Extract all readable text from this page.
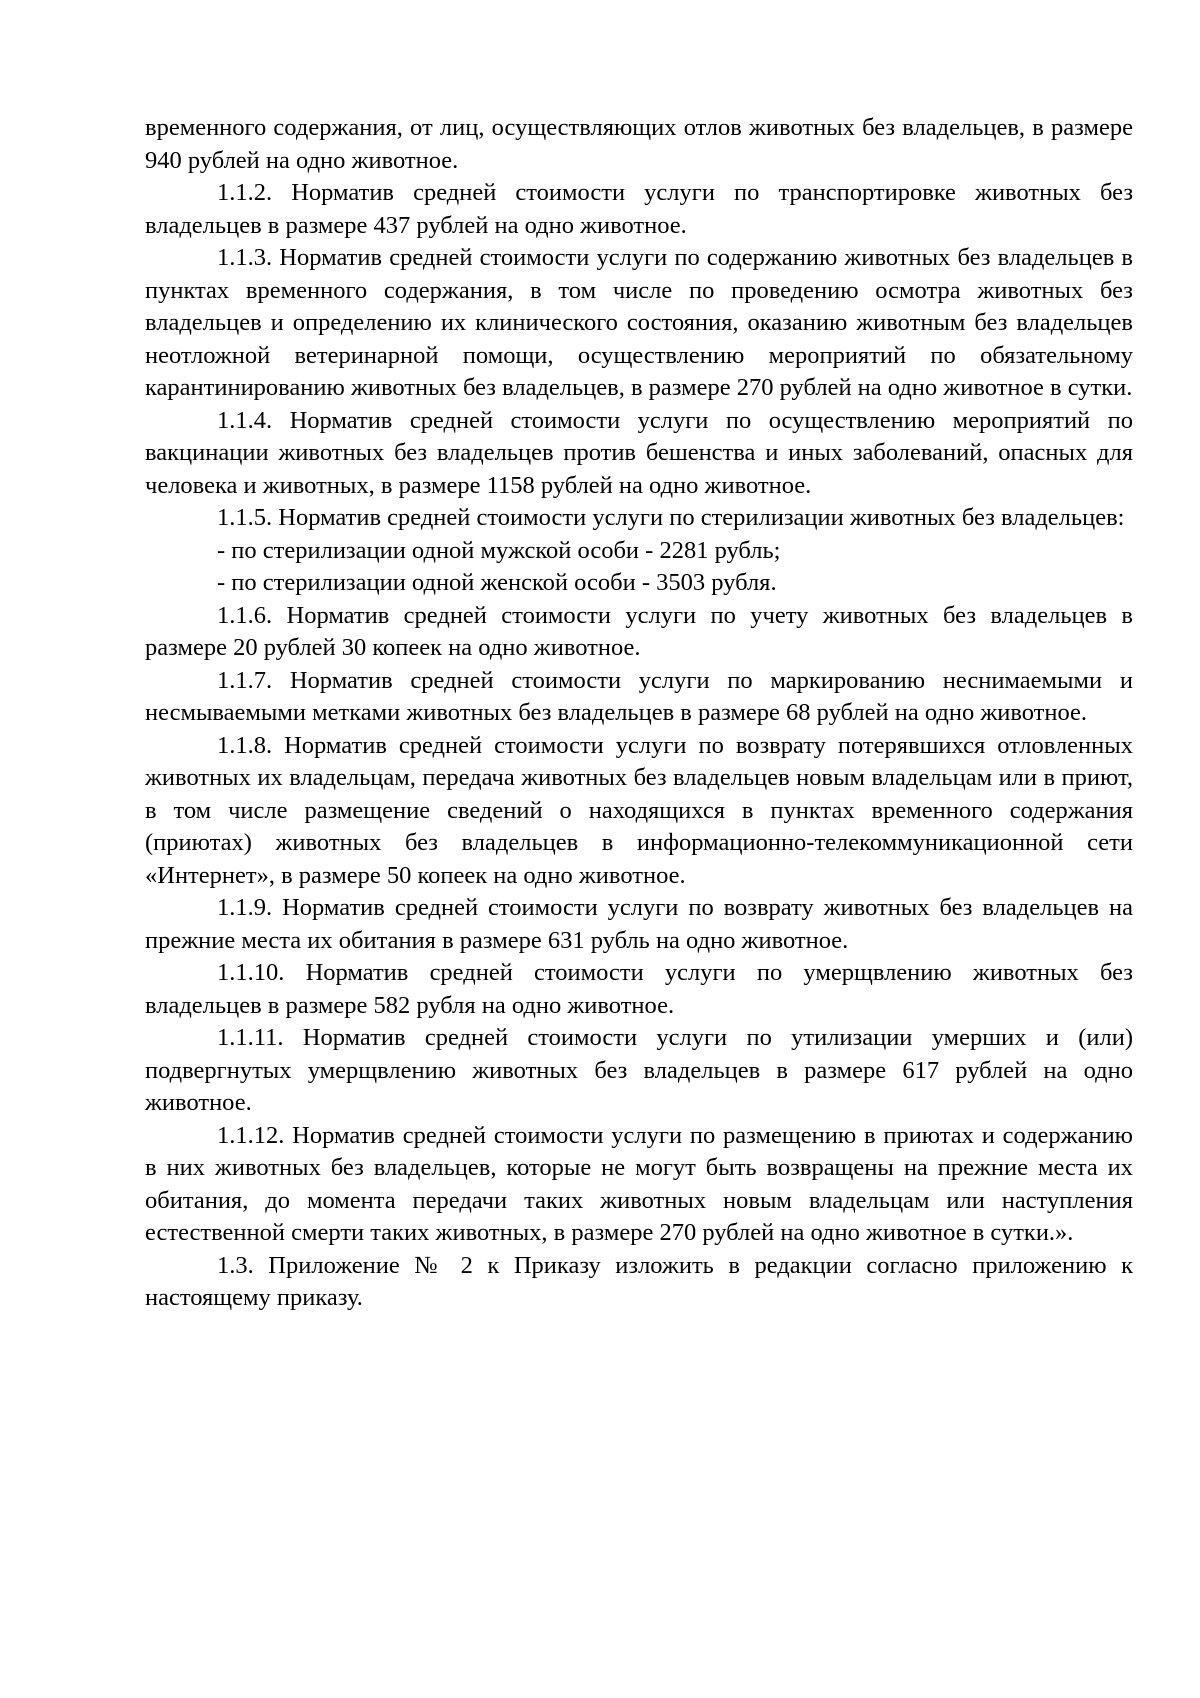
временного содержания, от лиц, осуществляющих отлов животных без владельцев, в размере 940 рублей на одно животное.

1.1.2. Норматив средней стоимости услуги по транспортировке животных без владельцев в размере 437 рублей на одно животное.

1.1.3. Норматив средней стоимости услуги по содержанию животных без владельцев в пунктах временного содержания, в том числе по проведению осмотра животных без владельцев и определению их клинического состояния, оказанию животным без владельцев неотложной ветеринарной помощи, осуществлению мероприятий по обязательному карантинированию животных без владельцев, в размере 270 рублей на одно животное в сутки.

1.1.4. Норматив средней стоимости услуги по осуществлению мероприятий по вакцинации животных без владельцев против бешенства и иных заболеваний, опасных для человека и животных, в размере 1158 рублей на одно животное.

1.1.5. Норматив средней стоимости услуги по стерилизации животных без владельцев:

- по стерилизации одной мужской особи - 2281 рубль;

- по стерилизации одной женской особи - 3503 рубля.

1.1.6. Норматив средней стоимости услуги по учету животных без владельцев в размере 20 рублей 30 копеек на одно животное.

1.1.7. Норматив средней стоимости услуги по маркированию неснимаемыми и несмываемыми метками животных без владельцев в размере 68 рублей на одно животное.

1.1.8. Норматив средней стоимости услуги по возврату потерявшихся отловленных животных их владельцам, передача животных без владельцев новым владельцам или в приют, в том числе размещение сведений о находящихся в пунктах временного содержания (приютах) животных без владельцев в информационно-телекоммуникационной сети «Интернет», в размере 50 копеек на одно животное.

1.1.9. Норматив средней стоимости услуги по возврату животных без владельцев на прежние места их обитания в размере 631 рубль на одно животное.

1.1.10. Норматив средней стоимости услуги по умерщвлению животных без владельцев в размере 582 рубля на одно животное.

1.1.11. Норматив средней стоимости услуги по утилизации умерших и (или) подвергнутых умерщвлению животных без владельцев в размере 617 рублей на одно животное.

1.1.12. Норматив средней стоимости услуги по размещению в приютах и содержанию в них животных без владельцев, которые не могут быть возвращены на прежние места их обитания, до момента передачи таких животных новым владельцам или наступления естественной смерти таких животных, в размере 270 рублей на одно животное в сутки.».

1.3. Приложение № 2 к Приказу изложить в редакции согласно приложению к настоящему приказу.
